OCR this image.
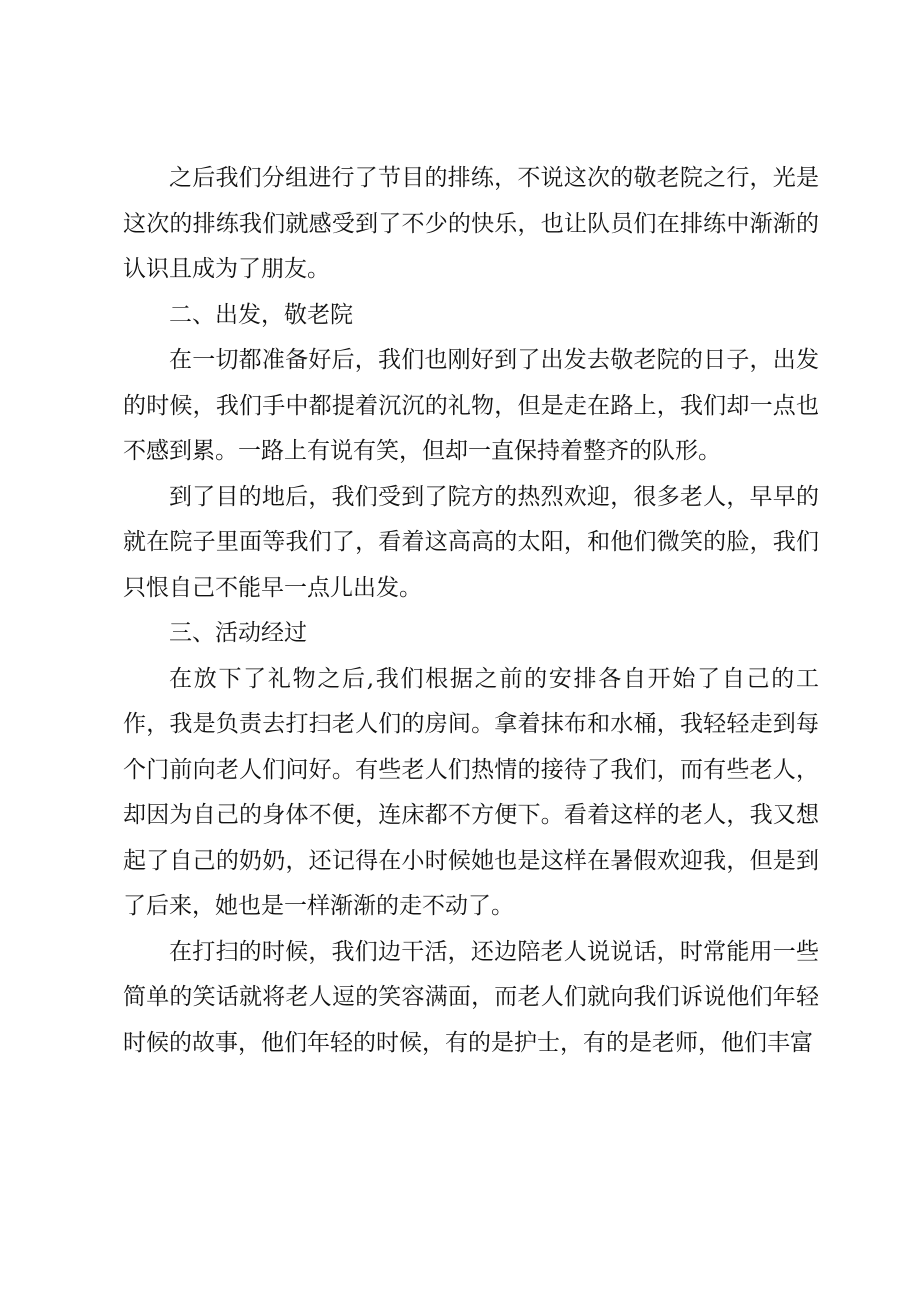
之后我们分组进行了节目的排练，不说这次的敬老院之行，光是这次的排练我们就感受到了不少的快乐，也让队员们在排练中渐渐的认识且成为了朋友。

二、出发，敬老院

在一切都准备好后，我们也刚好到了出发去敬老院的日子，出发的时候，我们手中都提着沉沉的礼物，但是走在路上，我们却一点也不感到累。一路上有说有笑，但却一直保持着整齐的队形。

到了目的地后，我们受到了院方的热烈欢迎，很多老人，早早的就在院子里面等我们了，看着这高高的太阳，和他们微笑的脸，我们只恨自己不能早一点儿出发。

三、活动经过

在放下了礼物之后,我们根据之前的安排各自开始了自己的工作，我是负责去打扫老人们的房间。拿着抹布和水桶，我轻轻走到每个门前向老人们问好。有些老人们热情的接待了我们，而有些老人，却因为自己的身体不便，连床都不方便下。看着这样的老人，我又想起了自己的奶奶，还记得在小时候她也是这样在暑假欢迎我，但是到了后来，她也是一样渐渐的走不动了。

在打扫的时候，我们边干活，还边陪老人说说话，时常能用一些简单的笑话就将老人逗的笑容满面，而老人们就向我们诉说他们年轻时候的故事，他们年轻的时候，有的是护士，有的是老师，他们丰富
